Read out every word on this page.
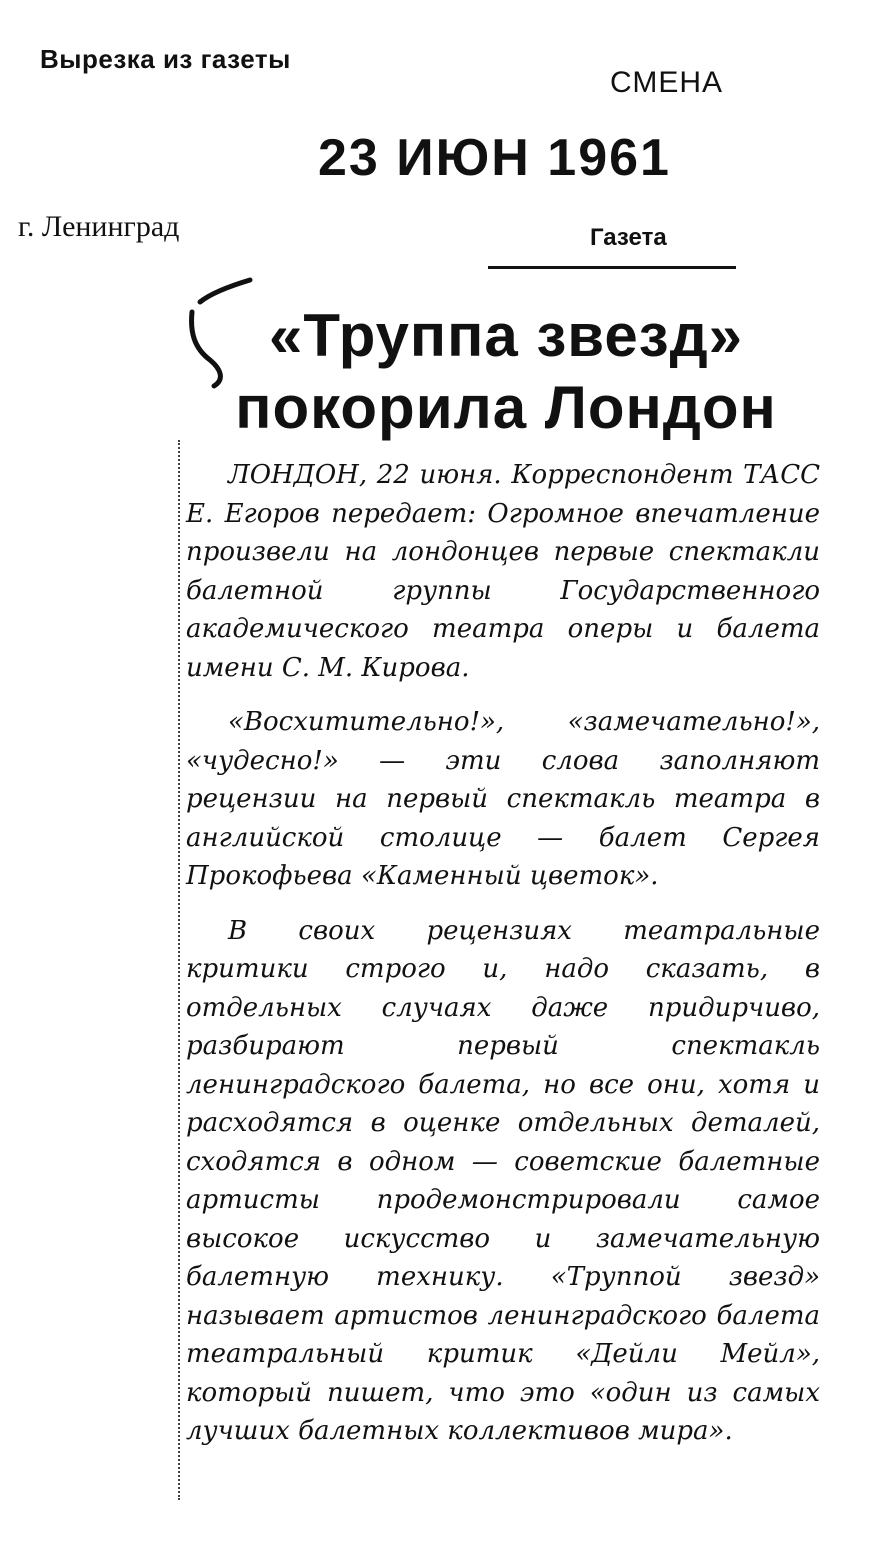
Вырезка из газеты
СМЕНА
23 ИЮН 1961
г. Ленинград	Газета
«Труппа звезд»
покорила Лондон

ЛОНДОН, 22 июня. Корреспондент ТАСС Е. Егоров передает: Огромное впечатление произвели на лондонцев первые спектакли балетной группы Государственного академического театра оперы и балета имени С. М. Кирова.

«Восхитительно!», «замечательно!», «чудесно!» — эти слова заполняют рецензии на первый спектакль театра в английской столице — балет Сергея Прокофьева «Каменный цветок».

В своих рецензиях театральные критики строго и, надо сказать, в отдельных случаях даже придирчиво, разбирают первый спектакль ленинградского балета, но все они, хотя и расходятся в оценке отдельных деталей, сходятся в одном — советские балетные артисты продемонстрировали самое высокое искусство и замечательную балетную технику. «Труппой звезд» называет артистов ленинградского балета театральный критик «Дейли Мейл», который пишет, что это «один из самых лучших балетных коллективов мира».
